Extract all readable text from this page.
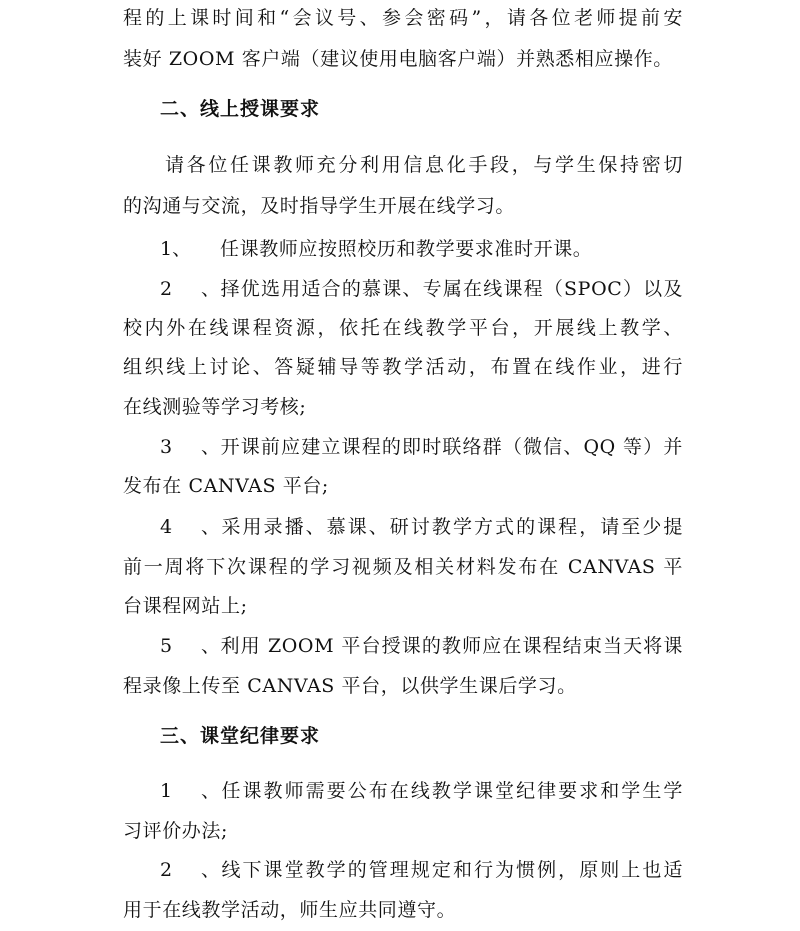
程的上课时间和“会议号、参会密码”，请各位老师提前安
装好 ZOOM 客户端（建议使用电脑客户端）并熟悉相应操作。
二、线上授课要求
请各位任课教师充分利用信息化手段，与学生保持密切
的沟通与交流，及时指导学生开展在线学习。
1、 任课教师应按照校历和教学要求准时开课。
2、择优选用适合的慕课、专属在线课程（SPOC）以及
校内外在线课程资源，依托在线教学平台，开展线上教学、
组织线上讨论、答疑辅导等教学活动，布置在线作业，进行
在线测验等学习考核;
3、开课前应建立课程的即时联络群（微信、QQ 等）并
发布在 CANVAS 平台;
4、采用录播、慕课、研讨教学方式的课程，请至少提
前一周将下次课程的学习视频及相关材料发布在 CANVAS 平
台课程网站上;
5、利用 ZOOM 平台授课的教师应在课程结束当天将课
程录像上传至 CANVAS 平台，以供学生课后学习。
三、课堂纪律要求
1、任课教师需要公布在线教学课堂纪律要求和学生学
习评价办法;
2、线下课堂教学的管理规定和行为惯例，原则上也适
用于在线教学活动，师生应共同遵守。
